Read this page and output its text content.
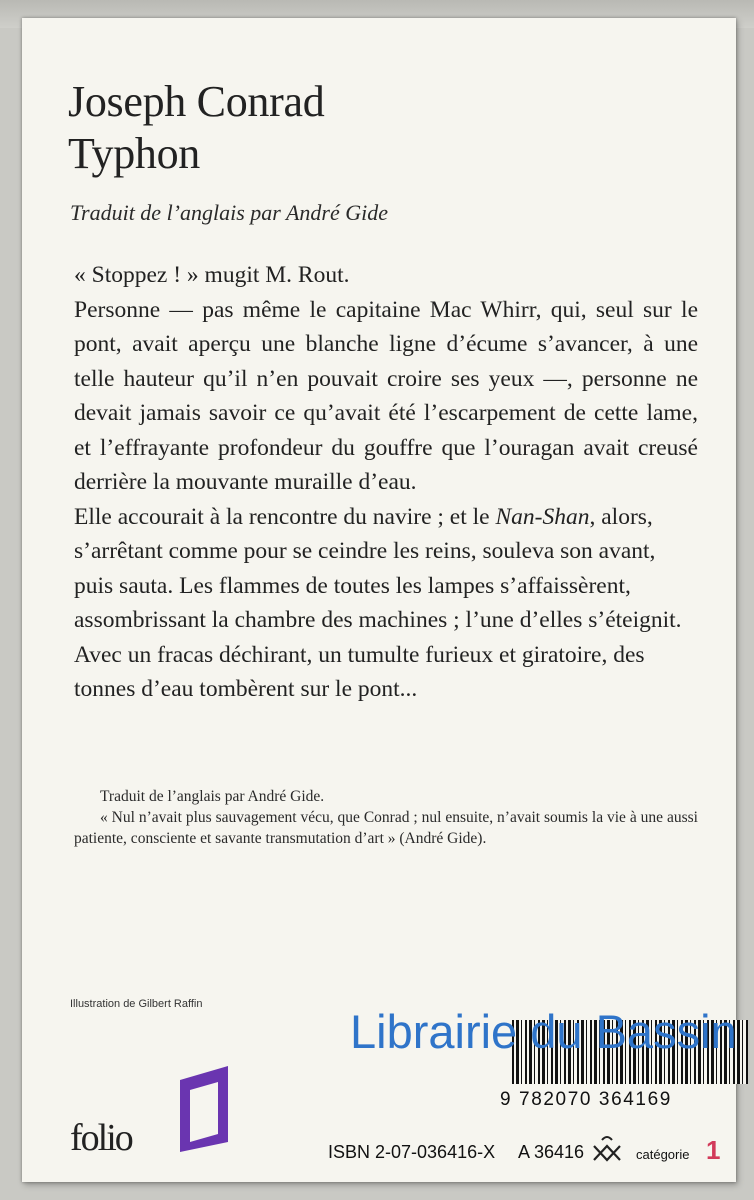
Joseph Conrad
Typhon

Traduit de l’anglais par André Gide

« Stoppez ! » mugit M. Rout.

Personne — pas même le capitaine Mac Whirr, qui, seul sur le pont, avait aperçu une blanche ligne d’écume s’avancer, à une telle hauteur qu’il n’en pouvait croire ses yeux —, personne ne devait jamais savoir ce qu’avait été l’escarpement de cette lame, et l’effrayante profondeur du gouffre que l’ouragan avait creusé derrière la mouvante muraille d’eau.

Elle accourait à la rencontre du navire ; et le Nan-Shan, alors, s’arrêtant comme pour se ceindre les reins, souleva son avant, puis sauta. Les flammes de toutes les lampes s’affaissèrent, assombrissant la chambre des machines ; l’une d’elles s’éteignit. Avec un fracas déchirant, un tumulte furieux et giratoire, des tonnes d’eau tombèrent sur le pont...

Traduit de l’anglais par André Gide.

« Nul n’avait plus sauvagement vécu, que Conrad ; nul ensuite, n’avait soumis la vie à une aussi patiente, consciente et savante transmutation d’art » (André Gide).

Illustration de Gilbert Raffin
folio
9 782070 364169
Librairie du Bassin
ISBN 2-07-036416-X A 36416	catégorie 1
